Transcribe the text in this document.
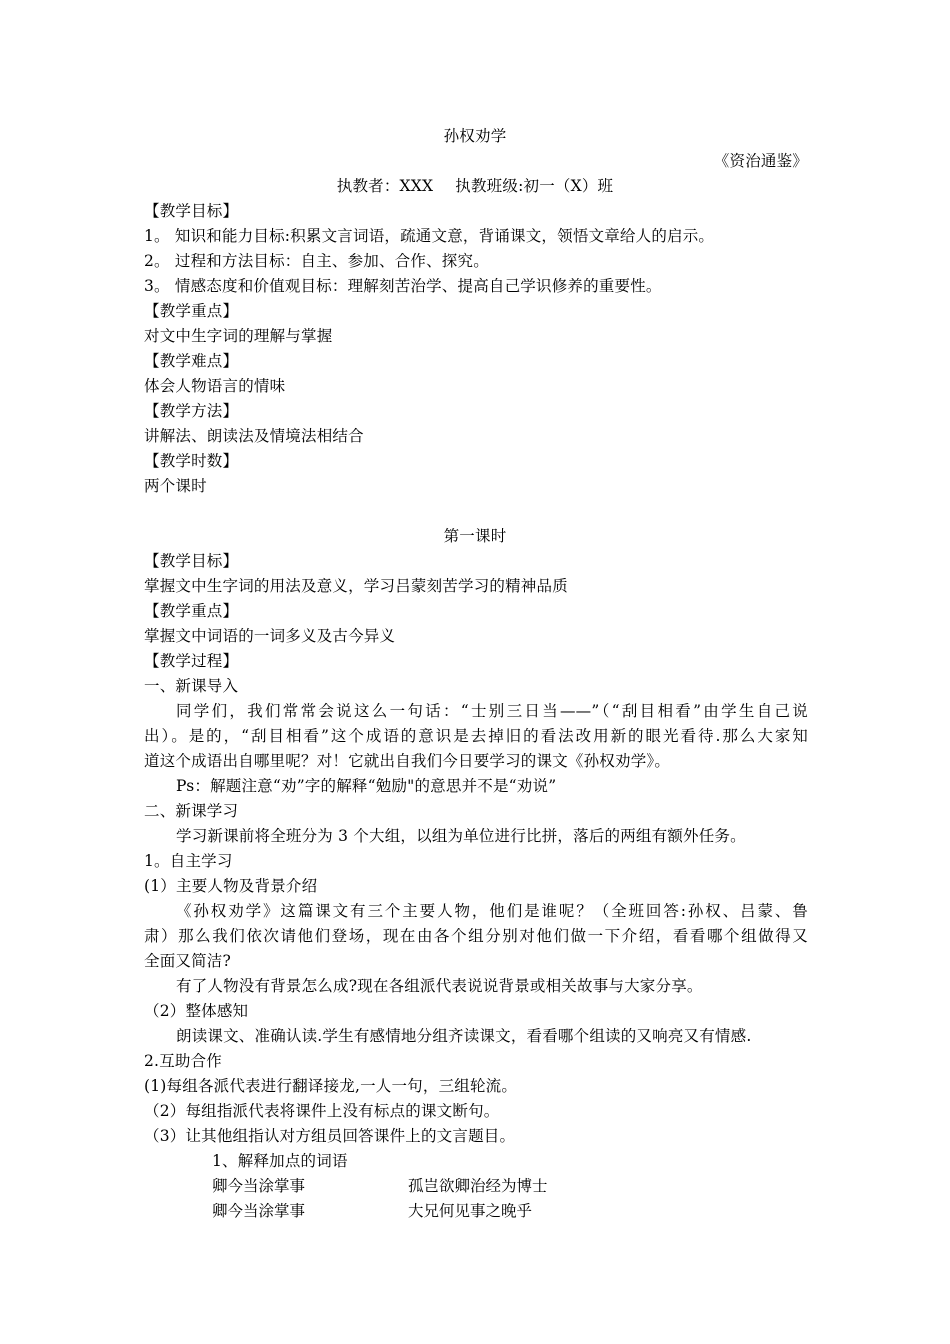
孙权劝学
《资治通鉴》
执教者：XXX 执教班级:初一（X）班
【教学目标】
1。 知识和能力目标:积累文言词语，疏通文意，背诵课文，领悟文章给人的启示。
2。 过程和方法目标：自主、参加、合作、探究。
3。 情感态度和价值观目标：理解刻苦治学、提高自己学识修养的重要性。
【教学重点】
对文中生字词的理解与掌握
【教学难点】
体会人物语言的情味
【教学方法】
讲解法、朗读法及情境法相结合
【教学时数】
两个课时
第一课时
【教学目标】
掌握文中生字词的用法及意义，学习吕蒙刻苦学习的精神品质
【教学重点】
掌握文中词语的一词多义及古今异义
【教学过程】
一、新课导入
同学们，我们常常会说这么一句话：“士别三日当——”（“刮目相看”由学生自己说
出）。是的，“刮目相看”这个成语的意识是去掉旧的看法改用新的眼光看待.那么大家知
道这个成语出自哪里呢？对！它就出自我们今日要学习的课文《孙权劝学》。
Ps：解题注意“劝”字的解释“勉励"的意思并不是“劝说”
二、新课学习
学习新课前将全班分为 3 个大组，以组为单位进行比拼，落后的两组有额外任务。
1。自主学习
(1）主要人物及背景介绍
《孙权劝学》这篇课文有三个主要人物，他们是谁呢？（全班回答:孙权、吕蒙、鲁
肃）那么我们依次请他们登场，现在由各个组分别对他们做一下介绍，看看哪个组做得又
全面又简洁?
有了人物没有背景怎么成?现在各组派代表说说背景或相关故事与大家分享。
（2）整体感知
朗读课文、准确认读.学生有感情地分组齐读课文，看看哪个组读的又响亮又有情感.
2.互助合作
(1)每组各派代表进行翻译接龙,一人一句，三组轮流。
（2）每组指派代表将课件上没有标点的课文断句。
（3）让其他组指认对方组员回答课件上的文言题目。
1、解释加点的词语
卿今当涂掌事	孤岂欲卿治经为博士
卿今当涂掌事	大兄何见事之晚乎
